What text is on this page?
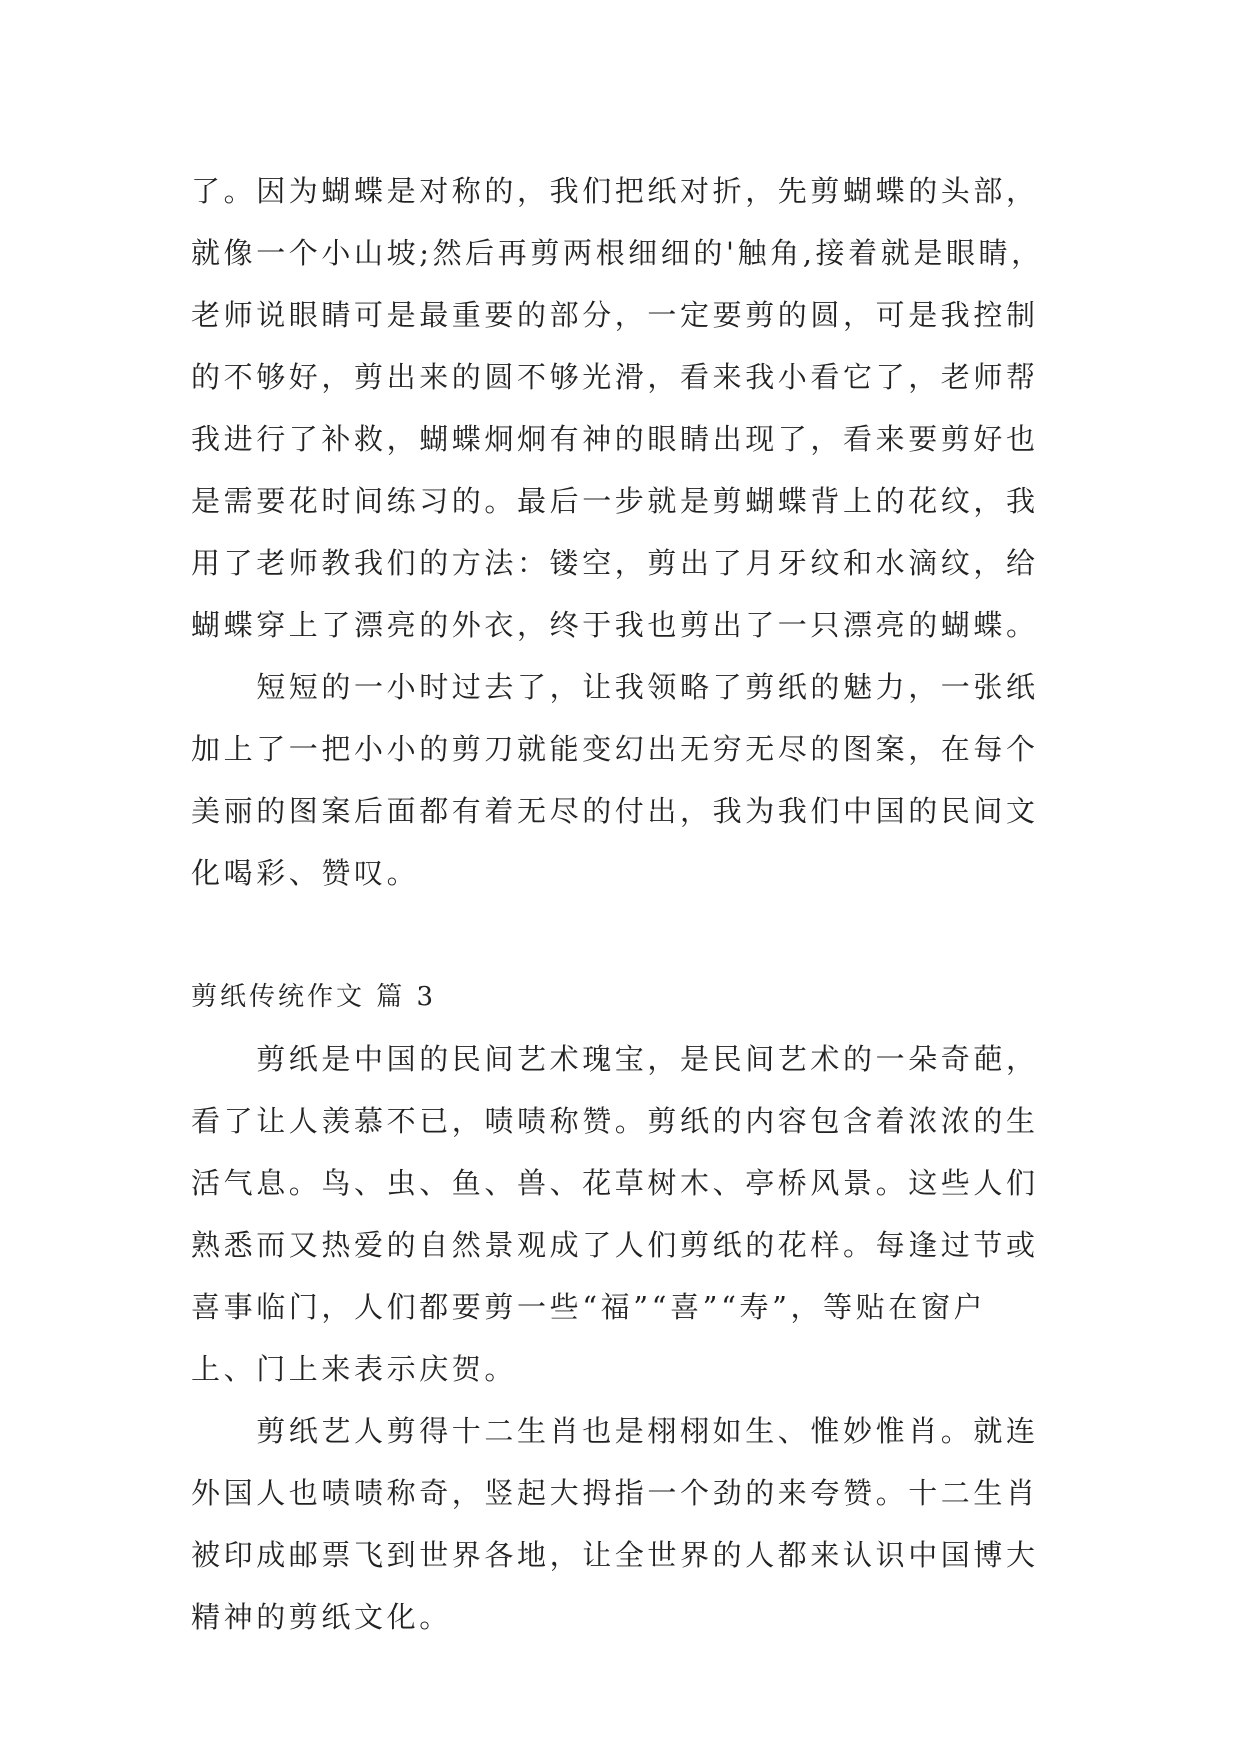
了。因为蝴蝶是对称的，我们把纸对折，先剪蝴蝶的头部，
就像一个小山坡;然后再剪两根细细的'触角,接着就是眼睛，
老师说眼睛可是最重要的部分，一定要剪的圆，可是我控制
的不够好，剪出来的圆不够光滑，看来我小看它了，老师帮
我进行了补救，蝴蝶炯炯有神的眼睛出现了，看来要剪好也
是需要花时间练习的。最后一步就是剪蝴蝶背上的花纹，我
用了老师教我们的方法：镂空，剪出了月牙纹和水滴纹，给
蝴蝶穿上了漂亮的外衣，终于我也剪出了一只漂亮的蝴蝶。
　　短短的一小时过去了，让我领略了剪纸的魅力，一张纸
加上了一把小小的剪刀就能变幻出无穷无尽的图案，在每个
美丽的图案后面都有着无尽的付出，我为我们中国的民间文
化喝彩、赞叹。
剪纸传统作文 篇 3
　　剪纸是中国的民间艺术瑰宝，是民间艺术的一朵奇葩，
看了让人羡慕不已，啧啧称赞。剪纸的内容包含着浓浓的生
活气息。鸟、虫、鱼、兽、花草树木、亭桥风景。这些人们
熟悉而又热爱的自然景观成了人们剪纸的花样。每逢过节或
喜事临门，人们都要剪一些“福”“喜”“寿”，等贴在窗户
上、门上来表示庆贺。
　　剪纸艺人剪得十二生肖也是栩栩如生、惟妙惟肖。就连
外国人也啧啧称奇，竖起大拇指一个劲的来夸赞。十二生肖
被印成邮票飞到世界各地，让全世界的人都来认识中国博大
精神的剪纸文化。
